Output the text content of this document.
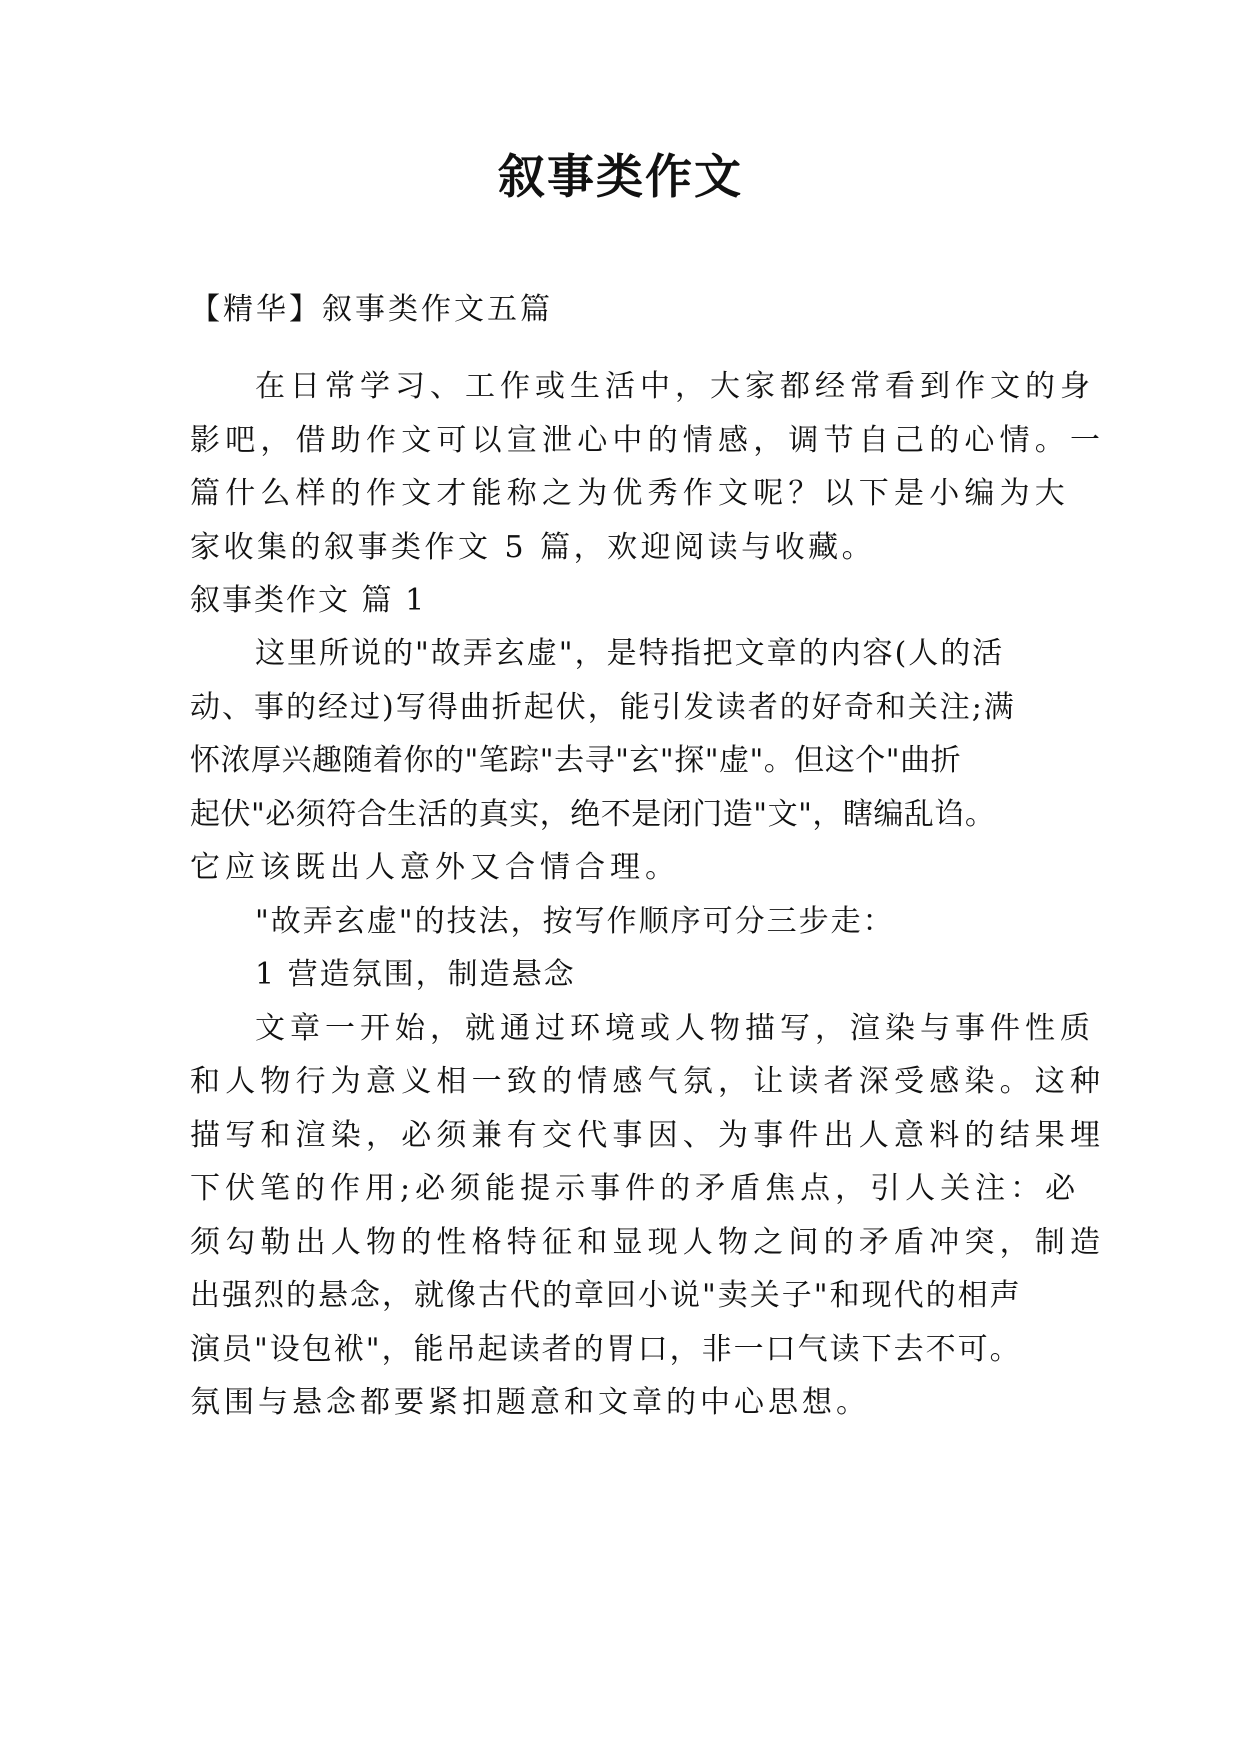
叙事类作文
【精华】叙事类作文五篇
在日常学习、工作或生活中，大家都经常看到作文的身
影吧，借助作文可以宣泄心中的情感，调节自己的心情。一
篇什么样的作文才能称之为优秀作文呢？以下是小编为大
家收集的叙事类作文 5 篇，欢迎阅读与收藏。
叙事类作文 篇 1
这里所说的"故弄玄虚"，是特指把文章的内容(人的活
动、事的经过)写得曲折起伏，能引发读者的好奇和关注;满
怀浓厚兴趣随着你的"笔踪"去寻"玄"探"虚"。但这个"曲折
起伏"必须符合生活的真实，绝不是闭门造"文"，瞎编乱诌。
它应该既出人意外又合情合理。
"故弄玄虚"的技法，按写作顺序可分三步走：
1 营造氛围，制造悬念
文章一开始，就通过环境或人物描写，渲染与事件性质
和人物行为意义相一致的情感气氛，让读者深受感染。这种
描写和渲染，必须兼有交代事因、为事件出人意料的结果埋
下伏笔的作用;必须能提示事件的矛盾焦点，引人关注：必
须勾勒出人物的性格特征和显现人物之间的矛盾冲突，制造
出强烈的悬念，就像古代的章回小说"卖关子"和现代的相声
演员"设包袱"，能吊起读者的胃口，非一口气读下去不可。
氛围与悬念都要紧扣题意和文章的中心思想。
